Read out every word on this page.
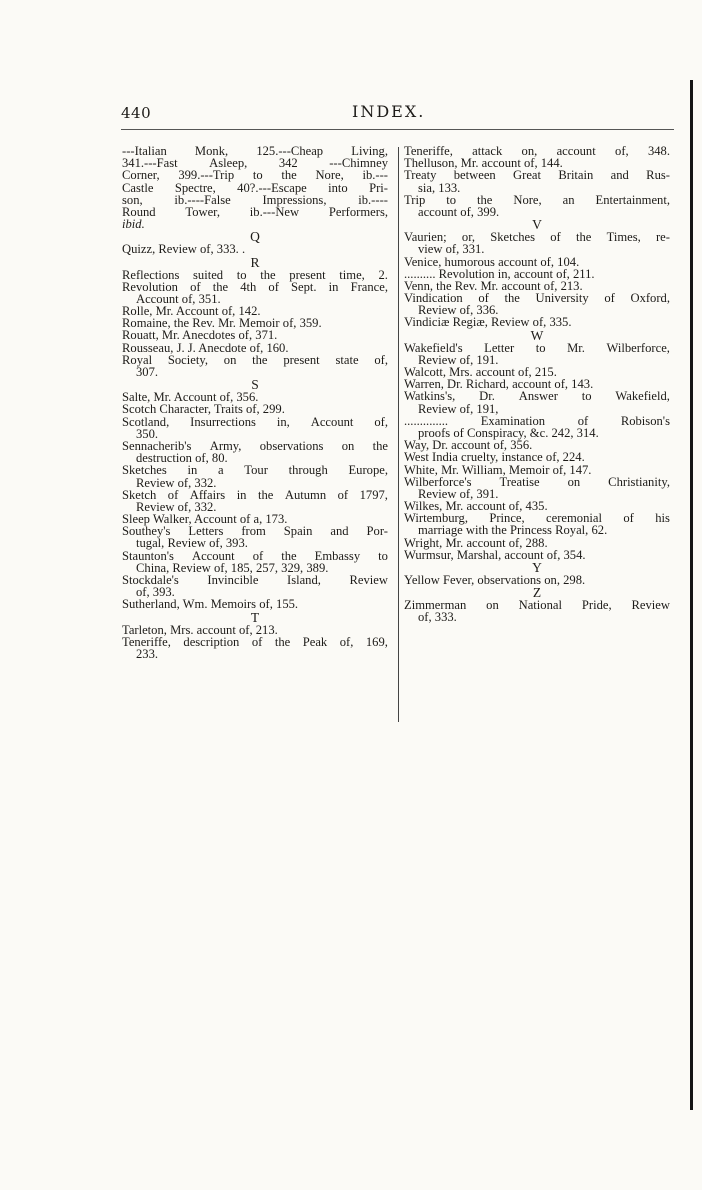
440	INDEX.
---Italian Monk, 125.---Cheap Living,
341.---Fast	Asleep,	342	---Chimney
Corner, 399.---Trip to the Nore, ib.---
Castle Spectre, 40?.---Escape into Pri-
son,	ib.----False	Impressions,	ib.----
Round Tower, ib.---New Performers,
ibid.
Q
Quizz, Review of, 333. .
R
Reflections suited to the present time, 2.
Revolution of the 4th of Sept. in France,
Account of, 351.
Rolle, Mr. Account of, 142.
Romaine, the Rev. Mr. Memoir of, 359.
Rouatt, Mr. Anecdotes of, 371.
Rousseau, J. J. Anecdote of, 160.
Royal Society, on the present state of,
307.
S
Salte, Mr. Account of, 356.
Scotch Character, Traits of, 299.
Scotland, Insurrections in, Account of,
350.
Sennacherib's Army, observations on the
destruction of, 80.
Sketches in a Tour through Europe,
Review of, 332.
Sketch of Affairs in the Autumn of 1797,
Review of, 332.
Sleep Walker, Account of a, 173.
Southey's Letters from Spain and Por-
tugal, Review of, 393.
Staunton's Account of the Embassy to
China, Review of, 185, 257, 329, 389.
Stockdale's Invincible Island, Review
of, 393.
Sutherland, Wm. Memoirs of, 155.
T
Tarleton, Mrs. account of, 213.
Teneriffe, description of the Peak of, 169,
233.
Teneriffe, attack on, account of, 348.
Thelluson, Mr. account of, 144.
Treaty between Great Britain and Rus-
sia, 133.
Trip to the Nore, an Entertainment,
account of, 399.
V
Vaurien; or, Sketches of the Times, re-
view of, 331.
Venice, humorous account of, 104.
.......... Revolution in, account of, 211.
Venn, the Rev. Mr. account of, 213.
Vindication of the University of Oxford,
Review of, 336.
Vindiciæ Regiæ, Review of, 335.
W
Wakefield's Letter to Mr. Wilberforce,
Review of, 191.
Walcott, Mrs. account of, 215.
Warren, Dr. Richard, account of, 143.
Watkins's, Dr. Answer to Wakefield,
Review of, 191,
..............	Examination	of	Robison's
proofs of Conspiracy, &c. 242, 314.
Way, Dr. account of, 356.
West India cruelty, instance of, 224.
White, Mr. William, Memoir of, 147.
Wilberforce's Treatise on Christianity,
Review of, 391.
Wilkes, Mr. account of, 435.
Wirtemburg, Prince, ceremonial of his
marriage with the Princess Royal, 62.
Wright, Mr. account of, 288.
Wurmsur, Marshal, account of, 354.
Y
Yellow Fever, observations on, 298.
Z
Zimmerman on National Pride, Review
of, 333.
